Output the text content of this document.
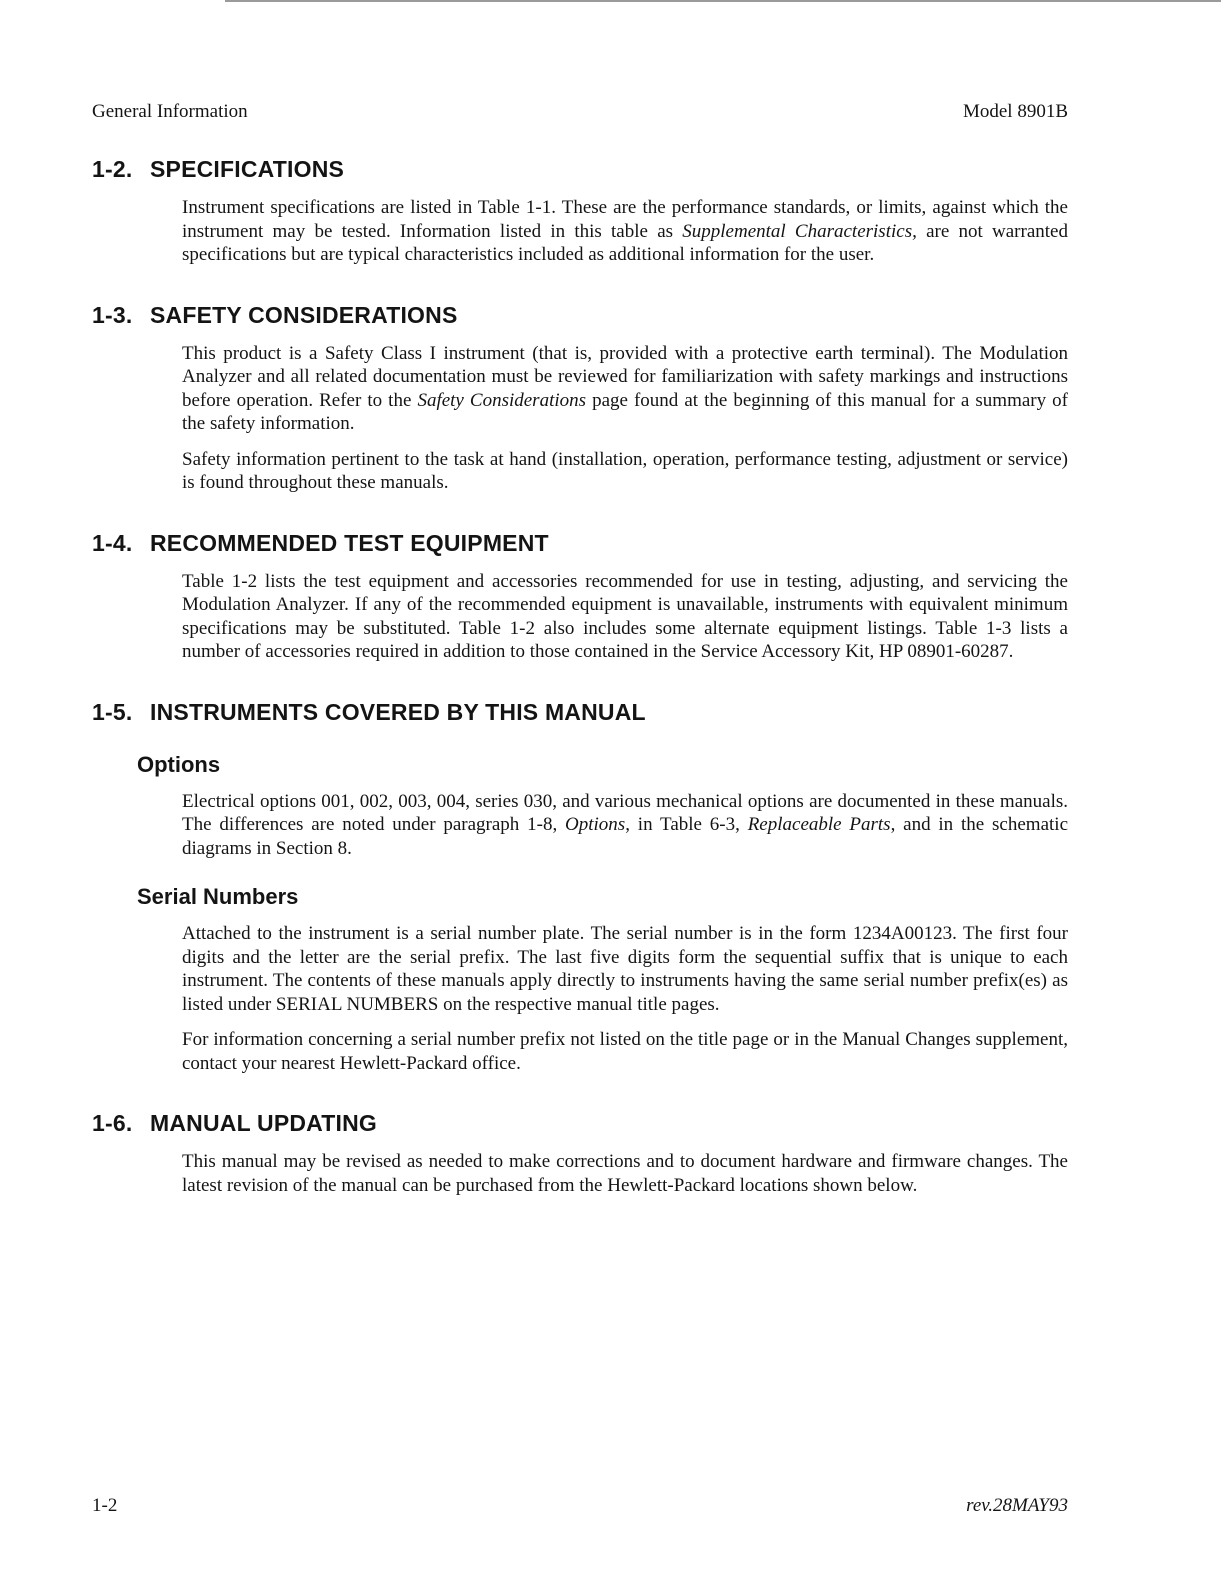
General Information	Model 8901B
1-2. SPECIFICATIONS

Instrument specifications are listed in Table 1-1. These are the performance standards, or limits, against which the instrument may be tested. Information listed in this table as Supplemental Characteristics, are not warranted specifications but are typical characteristics included as additional information for the user.

1-3. SAFETY CONSIDERATIONS

This product is a Safety Class I instrument (that is, provided with a protective earth terminal). The Modulation Analyzer and all related documentation must be reviewed for familiarization with safety markings and instructions before operation. Refer to the Safety Considerations page found at the beginning of this manual for a summary of the safety information.

Safety information pertinent to the task at hand (installation, operation, performance testing, adjustment or service) is found throughout these manuals.

1-4. RECOMMENDED TEST EQUIPMENT

Table 1-2 lists the test equipment and accessories recommended for use in testing, adjusting, and servicing the Modulation Analyzer. If any of the recommended equipment is unavailable, instruments with equivalent minimum specifications may be substituted. Table 1-2 also includes some alternate equipment listings. Table 1-3 lists a number of accessories required in addition to those contained in the Service Accessory Kit, HP 08901-60287.

1-5. INSTRUMENTS COVERED BY THIS MANUAL
Options

Electrical options 001, 002, 003, 004, series 030, and various mechanical options are documented in these manuals. The differences are noted under paragraph 1-8, Options, in Table 6-3, Replaceable Parts, and in the schematic diagrams in Section 8.

Serial Numbers

Attached to the instrument is a serial number plate. The serial number is in the form 1234A00123. The first four digits and the letter are the serial prefix. The last five digits form the sequential suffix that is unique to each instrument. The contents of these manuals apply directly to instruments having the same serial number prefix(es) as listed under SERIAL NUMBERS on the respective manual title pages.

For information concerning a serial number prefix not listed on the title page or in the Manual Changes supplement, contact your nearest Hewlett-Packard office.

1-6. MANUAL UPDATING

This manual may be revised as needed to make corrections and to document hardware and firmware changes. The latest revision of the manual can be purchased from the Hewlett-Packard locations shown below.

1-2	rev.28MAY93
